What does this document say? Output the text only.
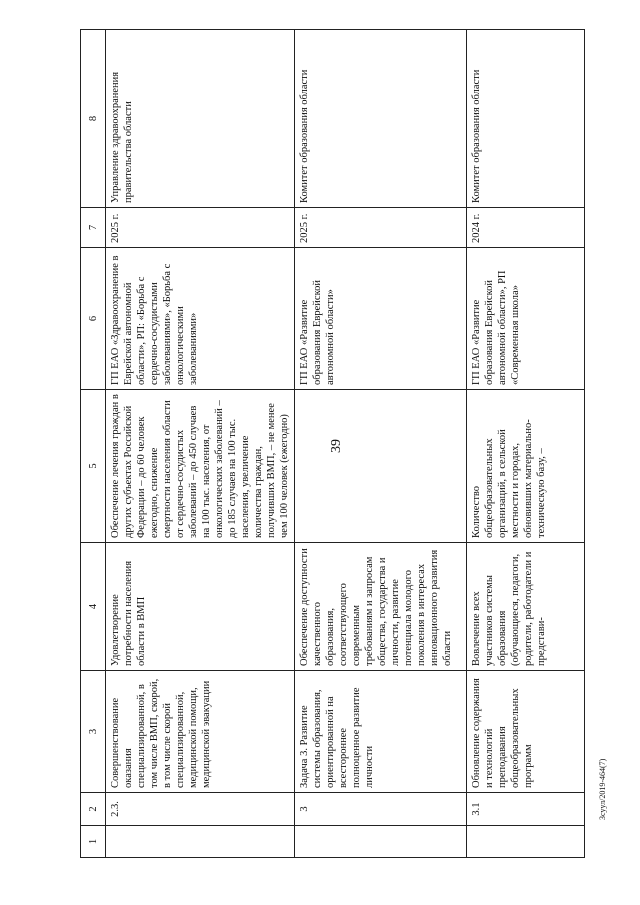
39
Зсуул/2019-464(7)
1	2	3	4	5	6	7	8
	2.3.	Совершенствование оказания специализированной, в том числе ВМП, скорой, в том числе скорой специализированной, медицинской помощи, медицинской эвакуации	Удовлетворение потребности населения области в ВМП	Обеспечение лечения граждан в других субъектах Российской Федерации – до 60 человек ежегодно, снижение смертности населения области от сердечно-сосудистых заболеваний – до 450 случаев на 100 тыс. населения, от онкологических заболеваний – до 185 случаев на 100 тыс. населения, увеличение количества граждан, получивших ВМП, – не менее чем 100 человек (ежегодно)	ГП ЕАО «Здравоохранение в Еврейской автономной области», РП: «Борьба с сердечно-сосудистыми заболеваниями», «Борьба с онкологическими заболеваниями»	2025 г.	Управление здравоохранения правительства области
	3	Задача 3. Развитие системы образования, ориентированной на всестороннее полноценное развитие личности	Обеспечение доступности качественного образования, соответствующего современным требованиям и запросам общества, государства и личности, развитие потенциала молодого поколения в интересах инновационного развития области		ГП ЕАО «Развитие образования Еврейской автономной области»	2025 г.	Комитет образования области
	3.1	Обновление содержания и технологий преподавания общеобразовательных программ	Вовлечение всех участников системы образования (обучающиеся, педагоги, родители, работодатели и представи-	Количество общеобразовательных организаций, в сельской местности и городах, обновивших материально-техническую базу, –	ГП ЕАО «Развитие образования Еврейской автономной области», РП «Современная школа»	2024 г.	Комитет образования области
